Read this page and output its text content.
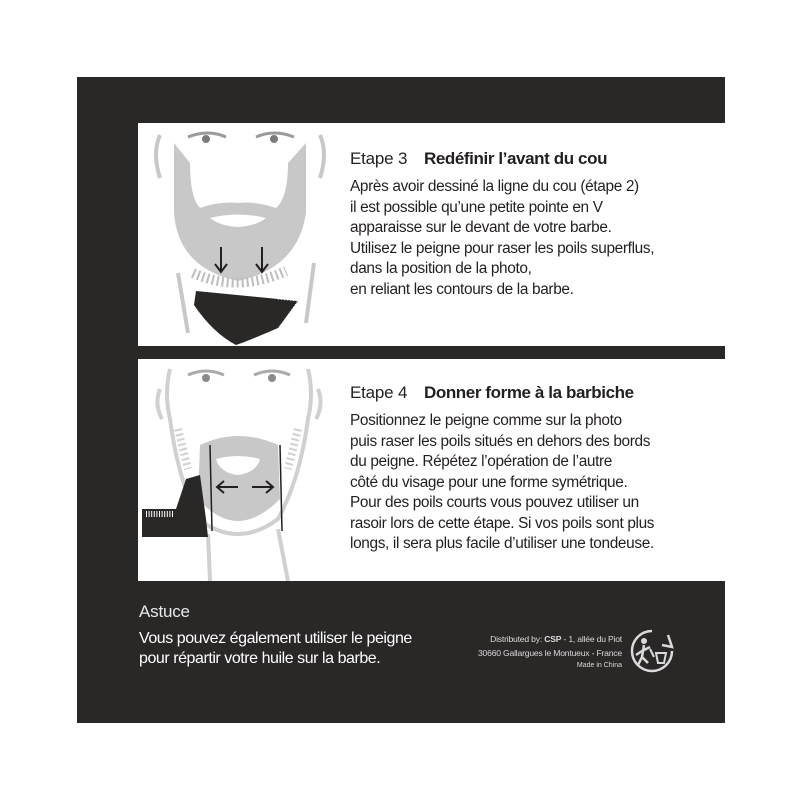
Etape 3 Redéfinir l’avant du cou
Après avoir dessiné la ligne du cou (étape 2)
il est possible qu’une petite pointe en V
apparaisse sur le devant de votre barbe.
Utilisez le peigne pour raser les poils superflus,
dans la position de la photo,
en reliant les contours de la barbe.
Etape 4 Donner forme à la barbiche
Positionnez le peigne comme sur la photo
puis raser les poils situés en dehors des bords
du peigne. Répétez l’opération de l’autre
côté du visage pour une forme symétrique.
Pour des poils courts vous pouvez utiliser un
rasoir lors de cette étape. Si vos poils sont plus
longs, il sera plus facile d’utiliser une tondeuse.
Astuce
Vous pouvez également utiliser le peigne
pour répartir votre huile sur la barbe.
Distributed by: CSP - 1, allée du Piot
30660 Gallargues le Montueux - France
Made in China
